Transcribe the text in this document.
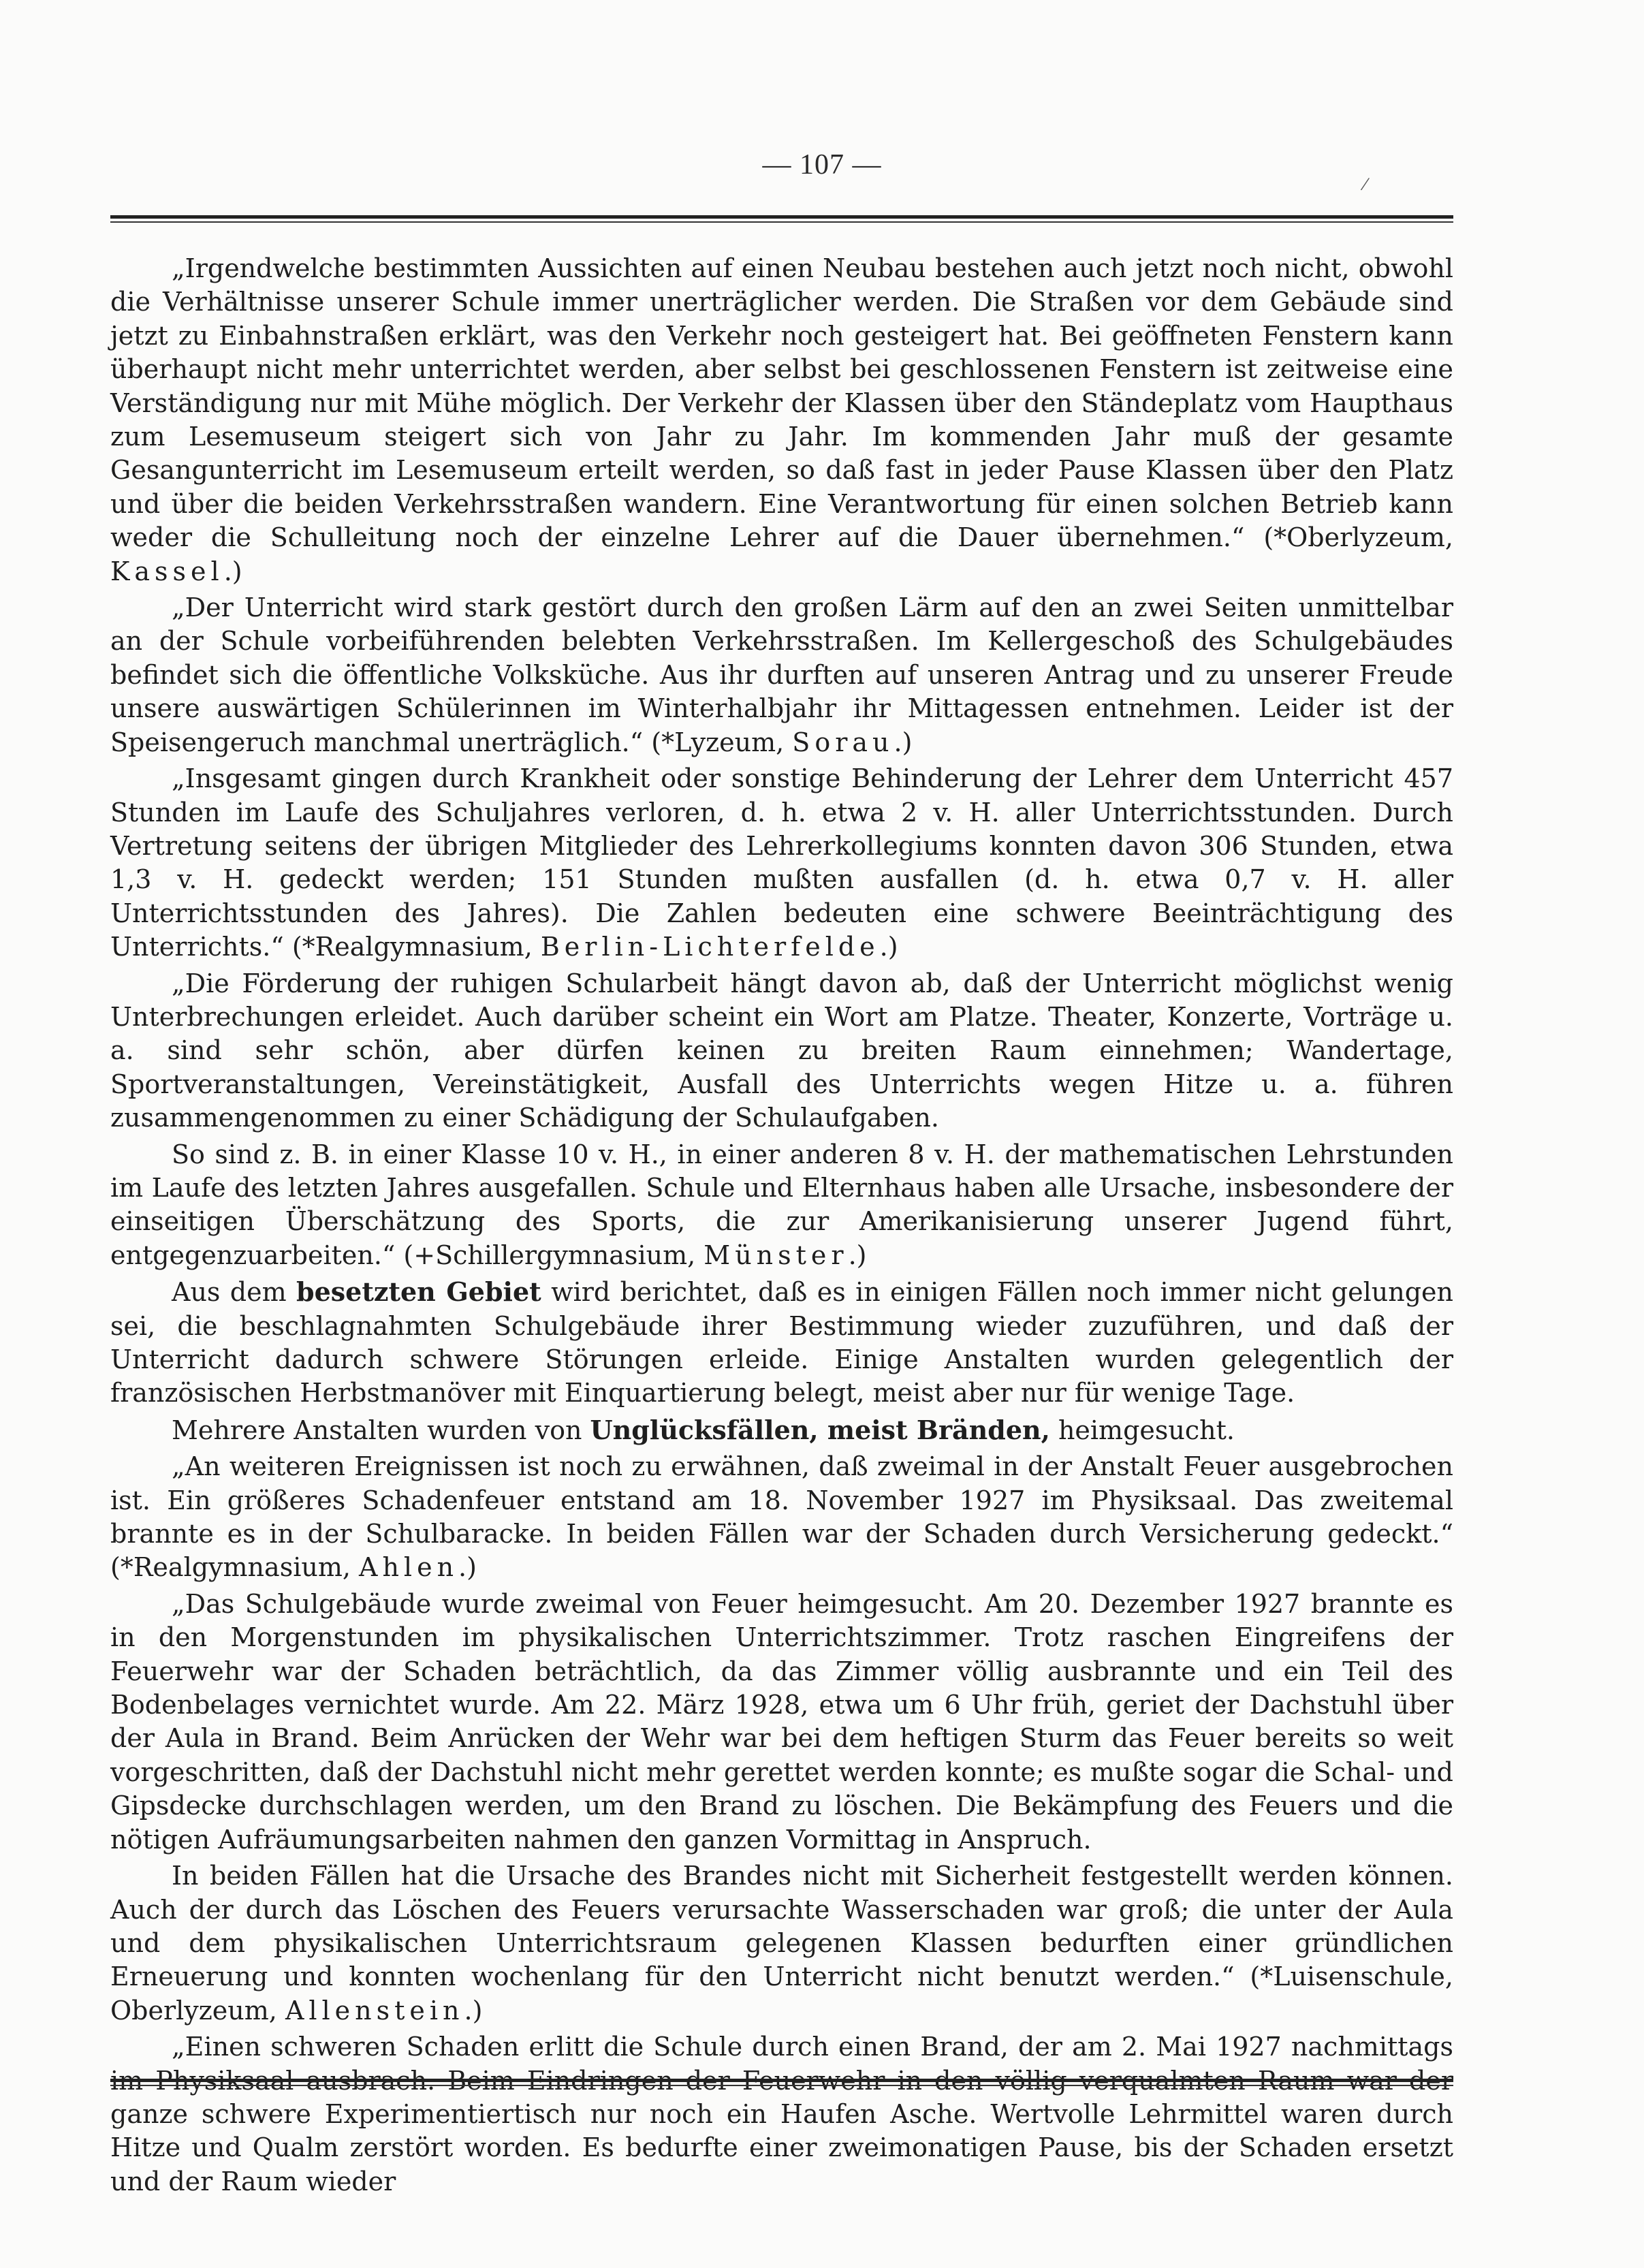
— 107 —
/

„Irgendwelche bestimmten Aussichten auf einen Neubau bestehen auch jetzt noch nicht, obwohl die Verhältnisse unserer Schule immer unerträglicher werden. Die Straßen vor dem Gebäude sind jetzt zu Einbahnstraßen erklärt, was den Verkehr noch gesteigert hat. Bei geöffneten Fenstern kann überhaupt nicht mehr unterrichtet werden, aber selbst bei geschlossenen Fenstern ist zeitweise eine Verständigung nur mit Mühe möglich. Der Verkehr der Klassen über den Ständeplatz vom Haupthaus zum Lesemuseum steigert sich von Jahr zu Jahr. Im kommenden Jahr muß der gesamte Gesangunterricht im Lesemuseum erteilt werden, so daß fast in jeder Pause Klassen über den Platz und über die beiden Verkehrsstraßen wandern. Eine Verantwortung für einen solchen Betrieb kann weder die Schulleitung noch der einzelne Lehrer auf die Dauer übernehmen.“ (*Oberlyzeum, Kassel.)

„Der Unterricht wird stark gestört durch den großen Lärm auf den an zwei Seiten unmittelbar an der Schule vorbeiführenden belebten Verkehrsstraßen. Im Kellergeschoß des Schulgebäudes befindet sich die öffentliche Volksküche. Aus ihr durften auf unseren Antrag und zu unserer Freude unsere auswärtigen Schülerinnen im Winterhalbjahr ihr Mittagessen entnehmen. Leider ist der Speisengeruch manchmal unerträglich.“ (*Lyzeum, Sorau.)

„Insgesamt gingen durch Krankheit oder sonstige Behinderung der Lehrer dem Unterricht 457 Stunden im Laufe des Schuljahres verloren, d. h. etwa 2 v. H. aller Unterrichtsstunden. Durch Vertretung seitens der übrigen Mitglieder des Lehrerkollegiums konnten davon 306 Stunden, etwa 1,3 v. H. gedeckt werden; 151 Stunden mußten ausfallen (d. h. etwa 0,7 v. H. aller Unterrichtsstunden des Jahres). Die Zahlen bedeuten eine schwere Beeinträchtigung des Unterrichts.“ (*Realgymnasium, Berlin-Lichterfelde.)

„Die Förderung der ruhigen Schularbeit hängt davon ab, daß der Unterricht möglichst wenig Unterbrechungen erleidet. Auch darüber scheint ein Wort am Platze. Theater, Konzerte, Vorträge u. a. sind sehr schön, aber dürfen keinen zu breiten Raum einnehmen; Wandertage, Sportveranstaltungen, Vereinstätigkeit, Ausfall des Unterrichts wegen Hitze u. a. führen zusammengenommen zu einer Schädigung der Schulaufgaben.

So sind z. B. in einer Klasse 10 v. H., in einer anderen 8 v. H. der mathematischen Lehrstunden im Laufe des letzten Jahres ausgefallen. Schule und Elternhaus haben alle Ursache, insbesondere der einseitigen Überschätzung des Sports, die zur Amerikanisierung unserer Jugend führt, entgegenzuarbeiten.“ (+Schillergymnasium, Münster.)

Aus dem besetzten Gebiet wird berichtet, daß es in einigen Fällen noch immer nicht gelungen sei, die beschlagnahmten Schulgebäude ihrer Bestimmung wieder zuzuführen, und daß der Unterricht dadurch schwere Störungen erleide. Einige Anstalten wurden gelegentlich der französischen Herbstmanöver mit Einquartierung belegt, meist aber nur für wenige Tage.

Mehrere Anstalten wurden von Unglücksfällen, meist Bränden, heimgesucht.

„An weiteren Ereignissen ist noch zu erwähnen, daß zweimal in der Anstalt Feuer ausgebrochen ist. Ein größeres Schadenfeuer entstand am 18. November 1927 im Physiksaal. Das zweitemal brannte es in der Schulbaracke. In beiden Fällen war der Schaden durch Versicherung gedeckt.“ (*Realgymnasium, Ahlen.)

„Das Schulgebäude wurde zweimal von Feuer heimgesucht. Am 20. Dezember 1927 brannte es in den Morgenstunden im physikalischen Unterrichtszimmer. Trotz raschen Eingreifens der Feuerwehr war der Schaden beträchtlich, da das Zimmer völlig ausbrannte und ein Teil des Bodenbelages vernichtet wurde. Am 22. März 1928, etwa um 6 Uhr früh, geriet der Dachstuhl über der Aula in Brand. Beim Anrücken der Wehr war bei dem heftigen Sturm das Feuer bereits so weit vorgeschritten, daß der Dachstuhl nicht mehr gerettet werden konnte; es mußte sogar die Schal- und Gipsdecke durchschlagen werden, um den Brand zu löschen. Die Bekämpfung des Feuers und die nötigen Aufräumungsarbeiten nahmen den ganzen Vormittag in Anspruch.

In beiden Fällen hat die Ursache des Brandes nicht mit Sicherheit festgestellt werden können. Auch der durch das Löschen des Feuers verursachte Wasserschaden war groß; die unter der Aula und dem physikalischen Unterrichtsraum gelegenen Klassen bedurften einer gründlichen Erneuerung und konnten wochenlang für den Unterricht nicht benutzt werden.“ (*Luisenschule, Oberlyzeum, Allenstein.)

„Einen schweren Schaden erlitt die Schule durch einen Brand, der am 2. Mai 1927 nachmittags in ganze schwere Experimentiertisch nur noch ein Haufen Asche. Wertvolle Lehrmittel waren durch Hitze und Qualm zerstört worden. Es bedurfte einer zweimonatigen Pause, bis der Schaden ersetzt und der Raum wieder
